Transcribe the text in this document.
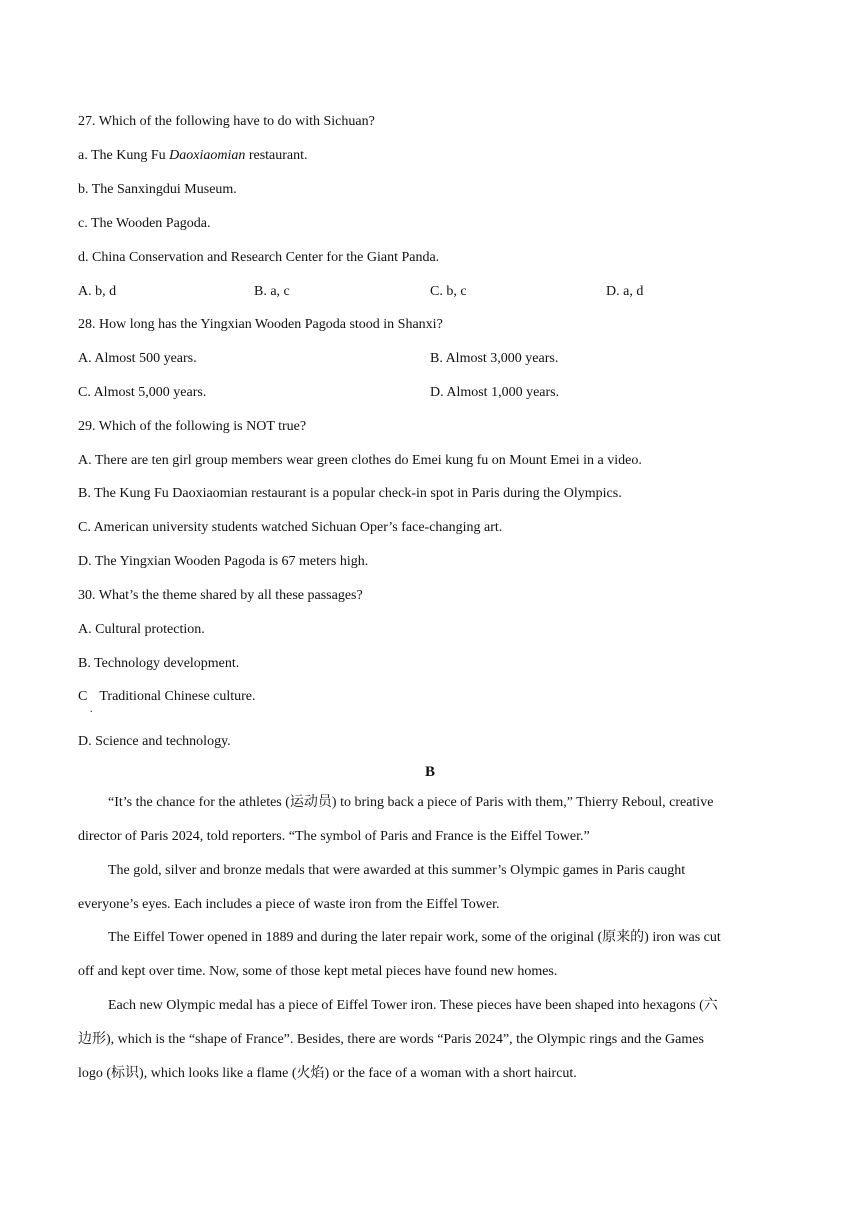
27. Which of the following have to do with Sichuan?
a. The Kung Fu Daoxiaomian restaurant.
b. The Sanxingdui Museum.
c. The Wooden Pagoda.
d. China Conservation and Research Center for the Giant Panda.
A. b, d	B. a, c	C. b, c	D. a, d
28. How long has the Yingxian Wooden Pagoda stood in Shanxi?
A. Almost 500 years.	B. Almost 3,000 years.
C. Almost 5,000 years.	D. Almost 1,000 years.
29. Which of the following is NOT true?
A. There are ten girl group members wear green clothes do Emei kung fu on Mount Emei in a video.
B. The Kung Fu Daoxiaomian restaurant is a popular check-in spot in Paris during the Olympics.
C. American university students watched Sichuan Oper’s face-changing art.
D. The Yingxian Wooden Pagoda is 67 meters high.
30. What’s the theme shared by all these passages?
A. Cultural protection.
B. Technology development.
C Traditional Chinese culture.
.
D. Science and technology.
B
“It’s the chance for the athletes (运动员) to bring back a piece of Paris with them,” Thierry Reboul, creative
director of Paris 2024, told reporters. “The symbol of Paris and France is the Eiffel Tower.”
The gold, silver and bronze medals that were awarded at this summer’s Olympic games in Paris caught
everyone’s eyes. Each includes a piece of waste iron from the Eiffel Tower.
The Eiffel Tower opened in 1889 and during the later repair work, some of the original (原来的) iron was cut
off and kept over time. Now, some of those kept metal pieces have found new homes.
Each new Olympic medal has a piece of Eiffel Tower iron. These pieces have been shaped into hexagons (六
边形), which is the “shape of France”. Besides, there are words “Paris 2024”, the Olympic rings and the Games
logo (标识), which looks like a flame (火焰) or the face of a woman with a short haircut.
